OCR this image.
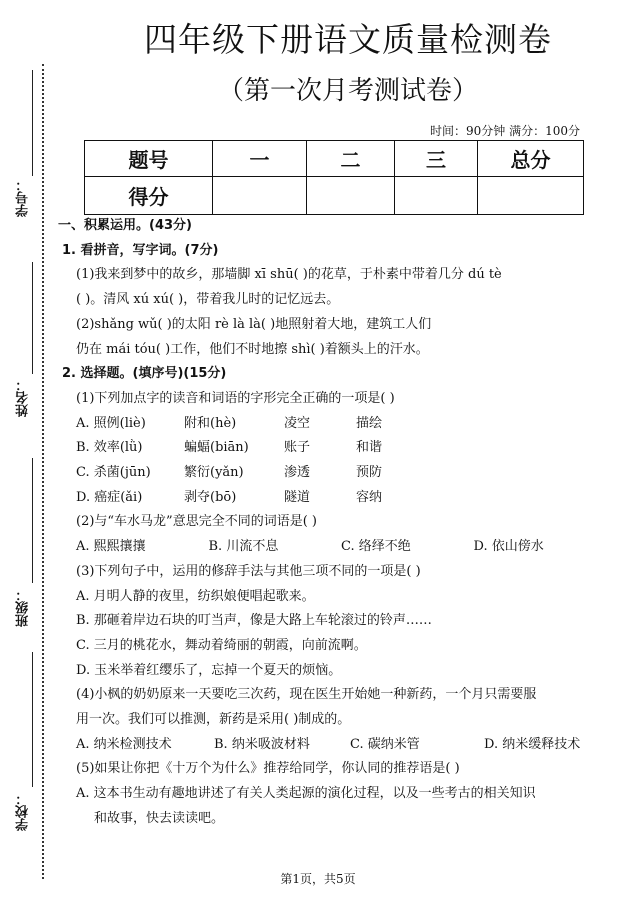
学号：
姓名：
班级：
学校：
四年级下册语文质量检测卷
（第一次月考测试卷）
时间：90分钟 满分：100分
题号	一	二	三	总分
得分				
一、积累运用。(43分)
1. 看拼音，写字词。(7分)
(1)我来到梦中的故乡，那墙脚 xī shū( )的花草，于朴素中带着几分 dú tè
( )。清风 xú xú( )，带着我儿时的记忆远去。
(2)shǎng wǔ( )的太阳 rè là là( )地照射着大地，建筑工人们
仍在 mái tóu( )工作，他们不时地擦 shì( )着额头上的汗水。
2. 选择题。(填序号)(15分)
(1)下列加点字的读音和词语的字形完全正确的一项是( )
A. 照例(liè)	附和(hè)	凌空	描绘
B. 效率(lǜ)	蝙蝠(biān)	账子	和谐
C. 杀菌(jūn)	繁衍(yǎn)	渗透	预防
D. 癌症(ǎi)	剥夺(bō)	隧道	容纳
(2)与“车水马龙”意思完全不同的词语是( )
A. 熙熙攘攘	B. 川流不息	C. 络绎不绝	D. 依山傍水
(3)下列句子中，运用的修辞手法与其他三项不同的一项是( )
A. 月明人静的夜里，纺织娘便唱起歌来。
B. 那砸着岸边石块的叮当声，像是大路上车轮滚过的铃声……
C. 三月的桃花水，舞动着绮丽的朝霞，向前流啊。
D. 玉米举着红缨乐了，忘掉一个夏天的烦恼。
(4)小枫的奶奶原来一天要吃三次药，现在医生开始她一种新药，一个月只需要服
用一次。我们可以推测，新药是采用( )制成的。
A. 纳米检测技术	B. 纳米吸波材料	C. 碳纳米管	D. 纳米缓释技术
(5)如果让你把《十万个为什么》推荐给同学，你认同的推荐语是( )
A. 这本书生动有趣地讲述了有关人类起源的演化过程，以及一些考古的相关知识
和故事，快去读读吧。
第1页，共5页
